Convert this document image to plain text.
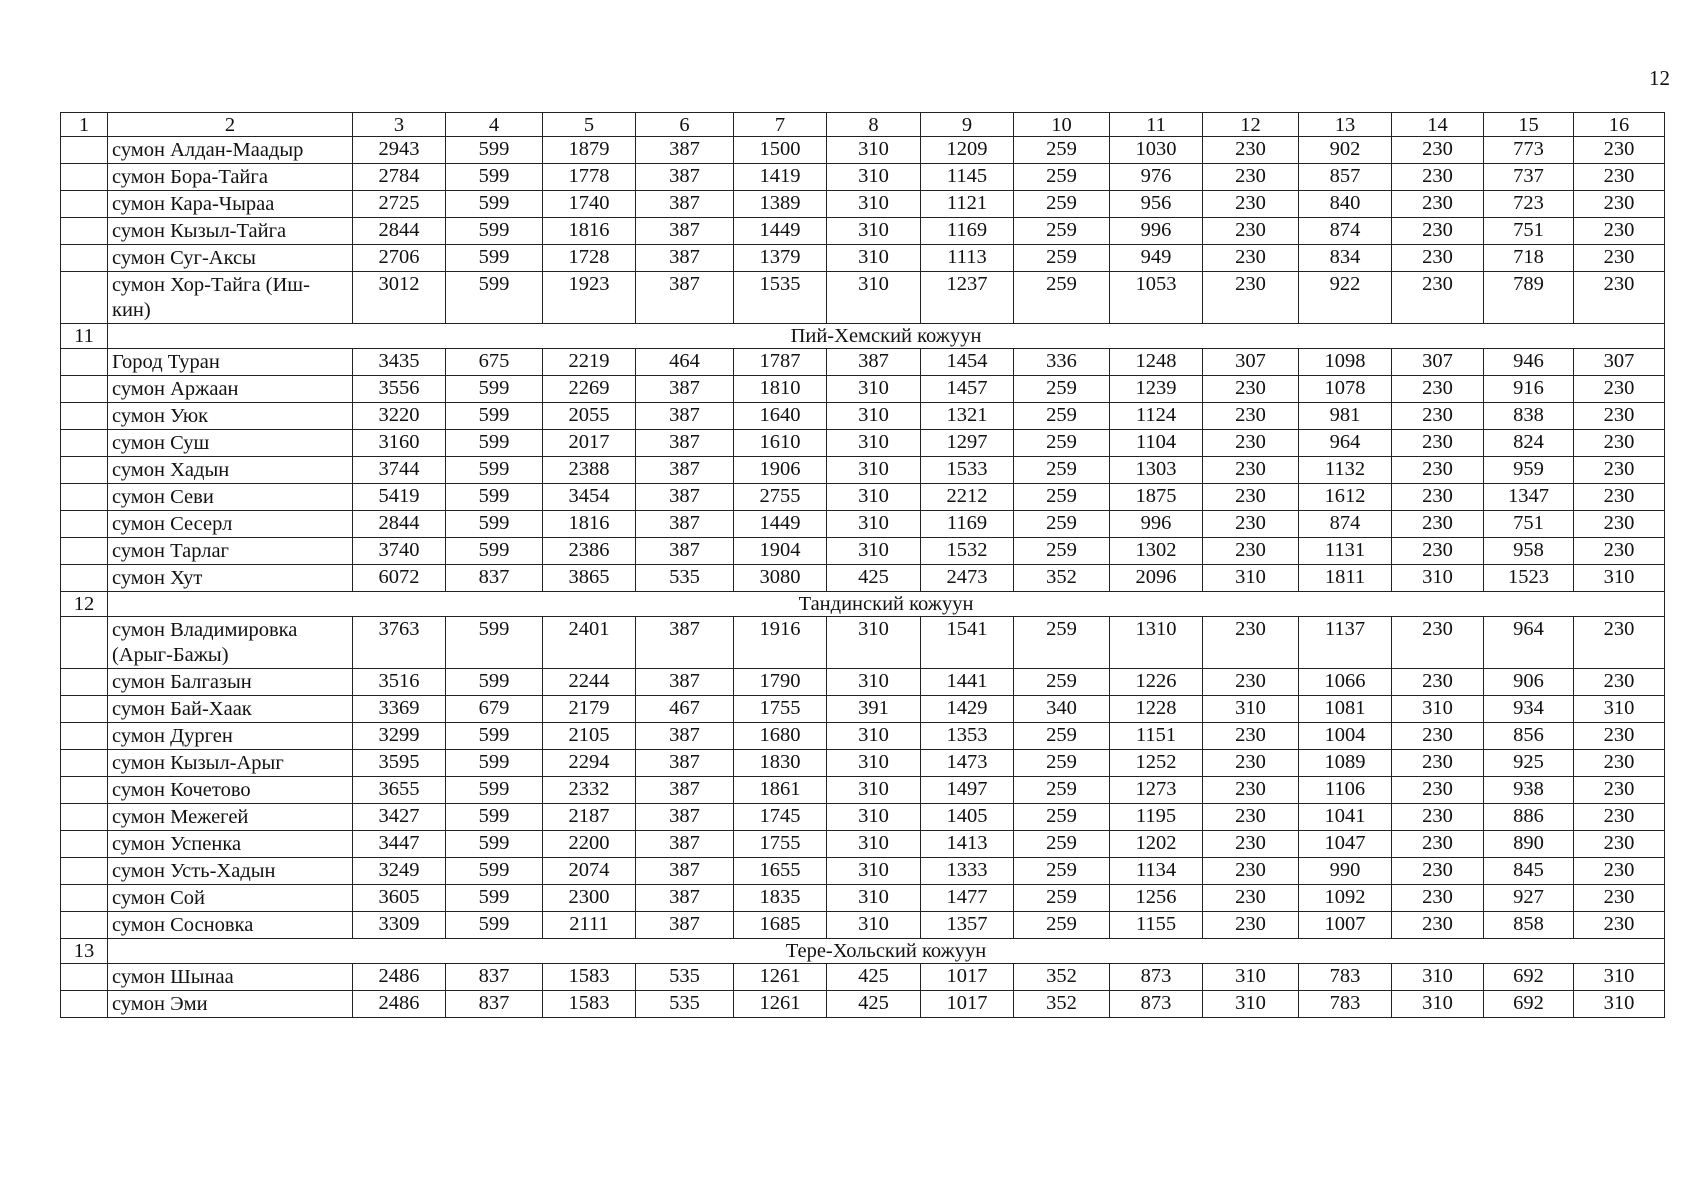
12
1	2	3	4	5	6	7	8	9	10	11	12	13	14	15	16
	сумон Алдан-Маадыр	2943	599	1879	387	1500	310	1209	259	1030	230	902	230	773	230
	сумон Бора-Тайга	2784	599	1778	387	1419	310	1145	259	976	230	857	230	737	230
	сумон Кара-Чыраа	2725	599	1740	387	1389	310	1121	259	956	230	840	230	723	230
	сумон Кызыл-Тайга	2844	599	1816	387	1449	310	1169	259	996	230	874	230	751	230
	сумон Суг-Аксы	2706	599	1728	387	1379	310	1113	259	949	230	834	230	718	230
	сумон Хор-Тайга (Иш-кин)	3012	599	1923	387	1535	310	1237	259	1053	230	922	230	789	230
11	Пий-Хемский кожуун														
	Город Туран	3435	675	2219	464	1787	387	1454	336	1248	307	1098	307	946	307
	сумон Аржаан	3556	599	2269	387	1810	310	1457	259	1239	230	1078	230	916	230
	сумон Уюк	3220	599	2055	387	1640	310	1321	259	1124	230	981	230	838	230
	сумон Суш	3160	599	2017	387	1610	310	1297	259	1104	230	964	230	824	230
	сумон Хадын	3744	599	2388	387	1906	310	1533	259	1303	230	1132	230	959	230
	сумон Севи	5419	599	3454	387	2755	310	2212	259	1875	230	1612	230	1347	230
	сумон Сесерл	2844	599	1816	387	1449	310	1169	259	996	230	874	230	751	230
	сумон Тарлаг	3740	599	2386	387	1904	310	1532	259	1302	230	1131	230	958	230
	сумон Хут	6072	837	3865	535	3080	425	2473	352	2096	310	1811	310	1523	310
12	Тандинский кожуун														
	сумон Владимировка (Арыг-Бажы)	3763	599	2401	387	1916	310	1541	259	1310	230	1137	230	964	230
	сумон Балгазын	3516	599	2244	387	1790	310	1441	259	1226	230	1066	230	906	230
	сумон Бай-Хаак	3369	679	2179	467	1755	391	1429	340	1228	310	1081	310	934	310
	сумон Дурген	3299	599	2105	387	1680	310	1353	259	1151	230	1004	230	856	230
	сумон Кызыл-Арыг	3595	599	2294	387	1830	310	1473	259	1252	230	1089	230	925	230
	сумон Кочетово	3655	599	2332	387	1861	310	1497	259	1273	230	1106	230	938	230
	сумон Межегей	3427	599	2187	387	1745	310	1405	259	1195	230	1041	230	886	230
	сумон Успенка	3447	599	2200	387	1755	310	1413	259	1202	230	1047	230	890	230
	сумон Усть-Хадын	3249	599	2074	387	1655	310	1333	259	1134	230	990	230	845	230
	сумон Сой	3605	599	2300	387	1835	310	1477	259	1256	230	1092	230	927	230
	сумон Сосновка	3309	599	2111	387	1685	310	1357	259	1155	230	1007	230	858	230
13	Тере-Хольский кожуун														
	сумон Шынаа	2486	837	1583	535	1261	425	1017	352	873	310	783	310	692	310
	сумон Эми	2486	837	1583	535	1261	425	1017	352	873	310	783	310	692	310
